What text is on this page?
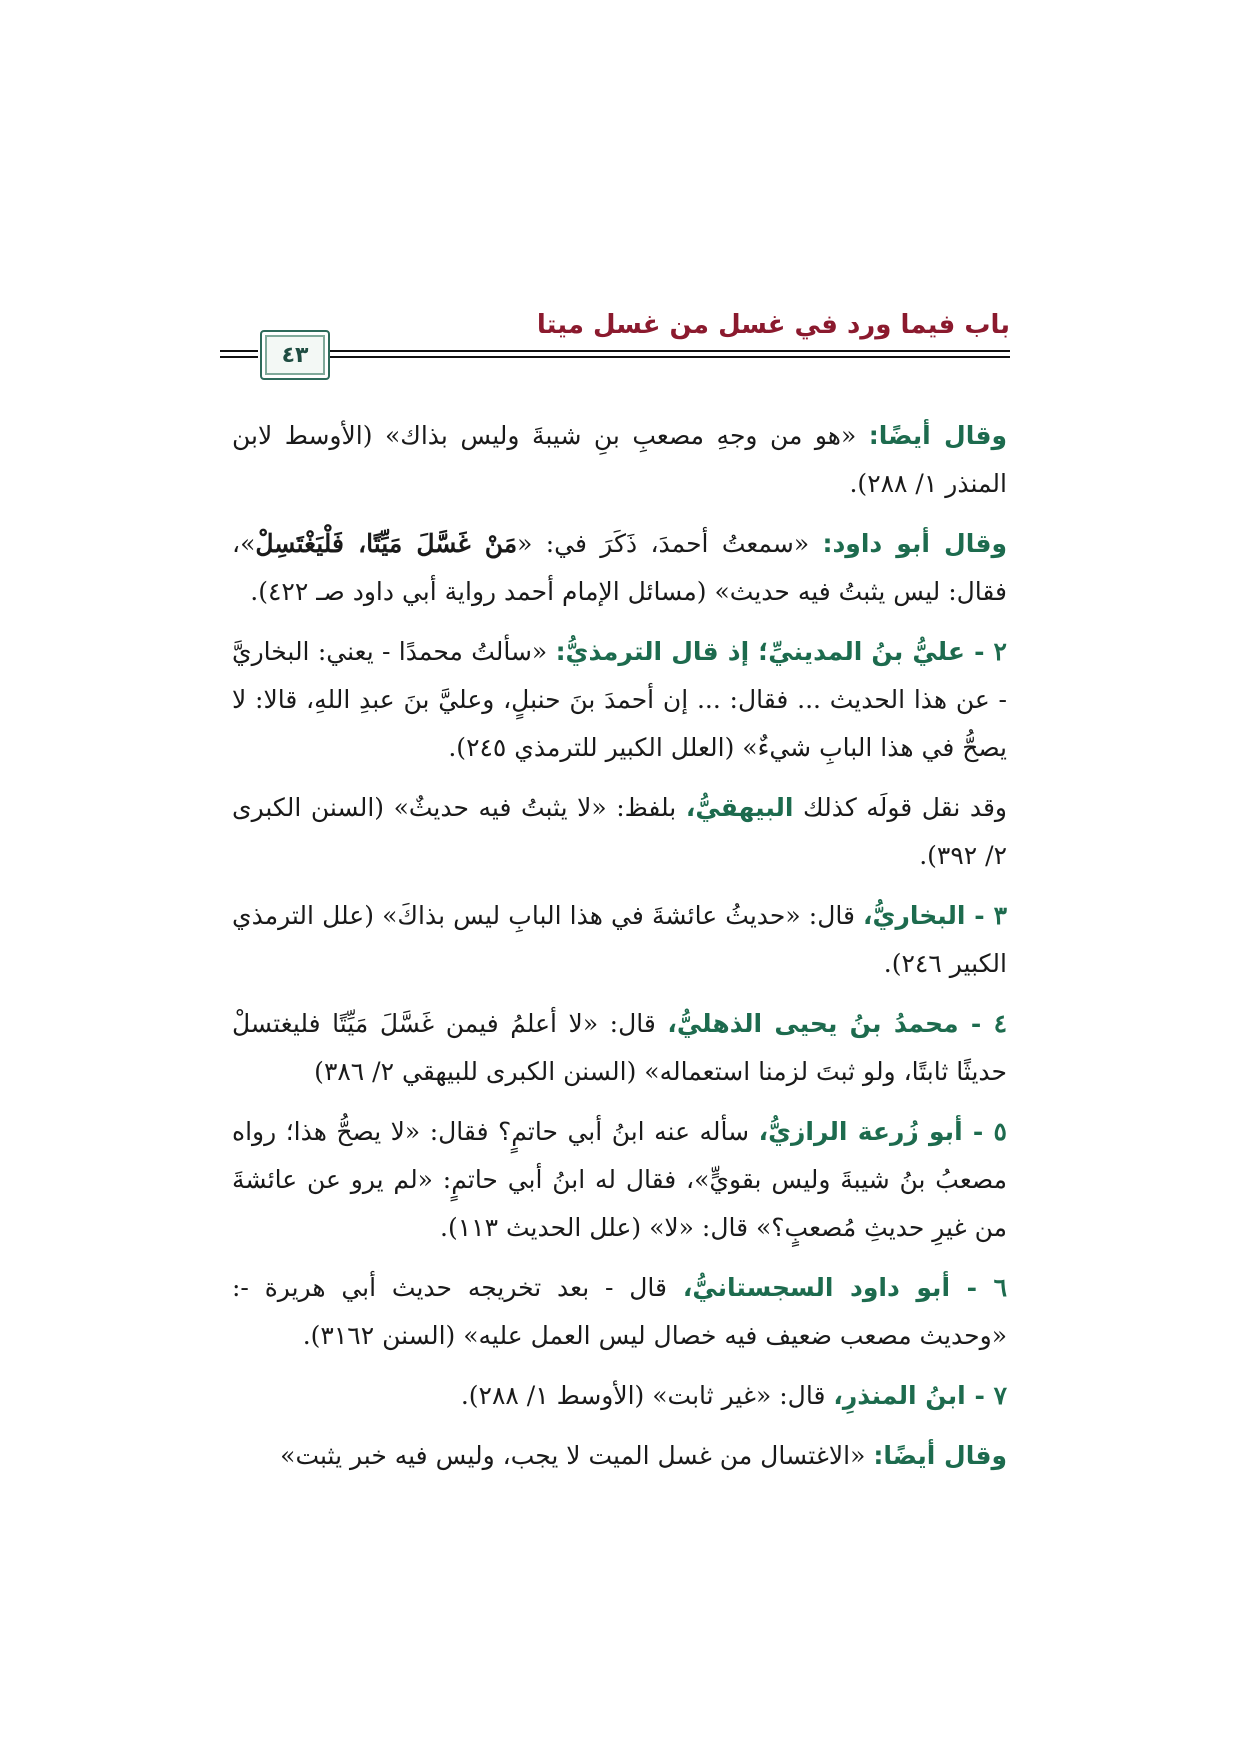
٤٣
باب فيما ورد في غسل من غسل ميتا

وقال أيضًا: «هو من وجهِ مصعبِ بنِ شيبةَ وليس بذاك» (الأوسط لابن المنذر ١/ ٢٨٨).

وقال أبو داود: «سمعتُ أحمدَ، ذَكَرَ في: «مَنْ غَسَّلَ مَيِّتًا، فَلْيَغْتَسِلْ»، فقال: ليس يثبتُ فيه حديث» (مسائل الإمام أحمد رواية أبي داود صـ ٤٢٢).

٢ - عليُّ بنُ المدينيِّ؛ إذ قال الترمذيُّ: «سألتُ محمدًا - يعني: البخاريَّ - عن هذا الحديث ... فقال: ... إن أحمدَ بنَ حنبلٍ، وعليَّ بنَ عبدِ اللهِ، قالا: لا يصحُّ في هذا البابِ شيءٌ» (العلل الكبير للترمذي ٢٤٥).

وقد نقل قولَه كذلك البيهقيُّ، بلفظ: «لا يثبتُ فيه حديثٌ» (السنن الكبرى ٢/ ٣٩٢).

٣ - البخاريُّ، قال: «حديثُ عائشةَ في هذا البابِ ليس بذاكَ» (علل الترمذي الكبير ٢٤٦).

٤ - محمدُ بنُ يحيى الذهليُّ، قال: «لا أعلمُ فيمن غَسَّلَ مَيِّتًا فليغتسلْ حديثًا ثابتًا، ولو ثبتَ لزمنا استعماله» (السنن الكبرى للبيهقي ٢/ ٣٨٦)

٥ - أبو زُرعة الرازيُّ، سأله عنه ابنُ أبي حاتمٍ؟ فقال: «لا يصحُّ هذا؛ رواه مصعبُ بنُ شيبةَ وليس بقويٍّ»، فقال له ابنُ أبي حاتمٍ: «لم يرو عن عائشةَ من غيرِ حديثِ مُصعبٍ؟» قال: «لا» (علل الحديث ١١٣).

٦ - أبو داود السجستانيُّ، قال - بعد تخريجه حديث أبي هريرة -: «وحديث مصعب ضعيف فيه خصال ليس العمل عليه» (السنن ٣١٦٢).

٧ - ابنُ المنذرِ، قال: «غير ثابت» (الأوسط ١/ ٢٨٨).

وقال أيضًا: «الاغتسال من غسل الميت لا يجب، وليس فيه خبر يثبت»
